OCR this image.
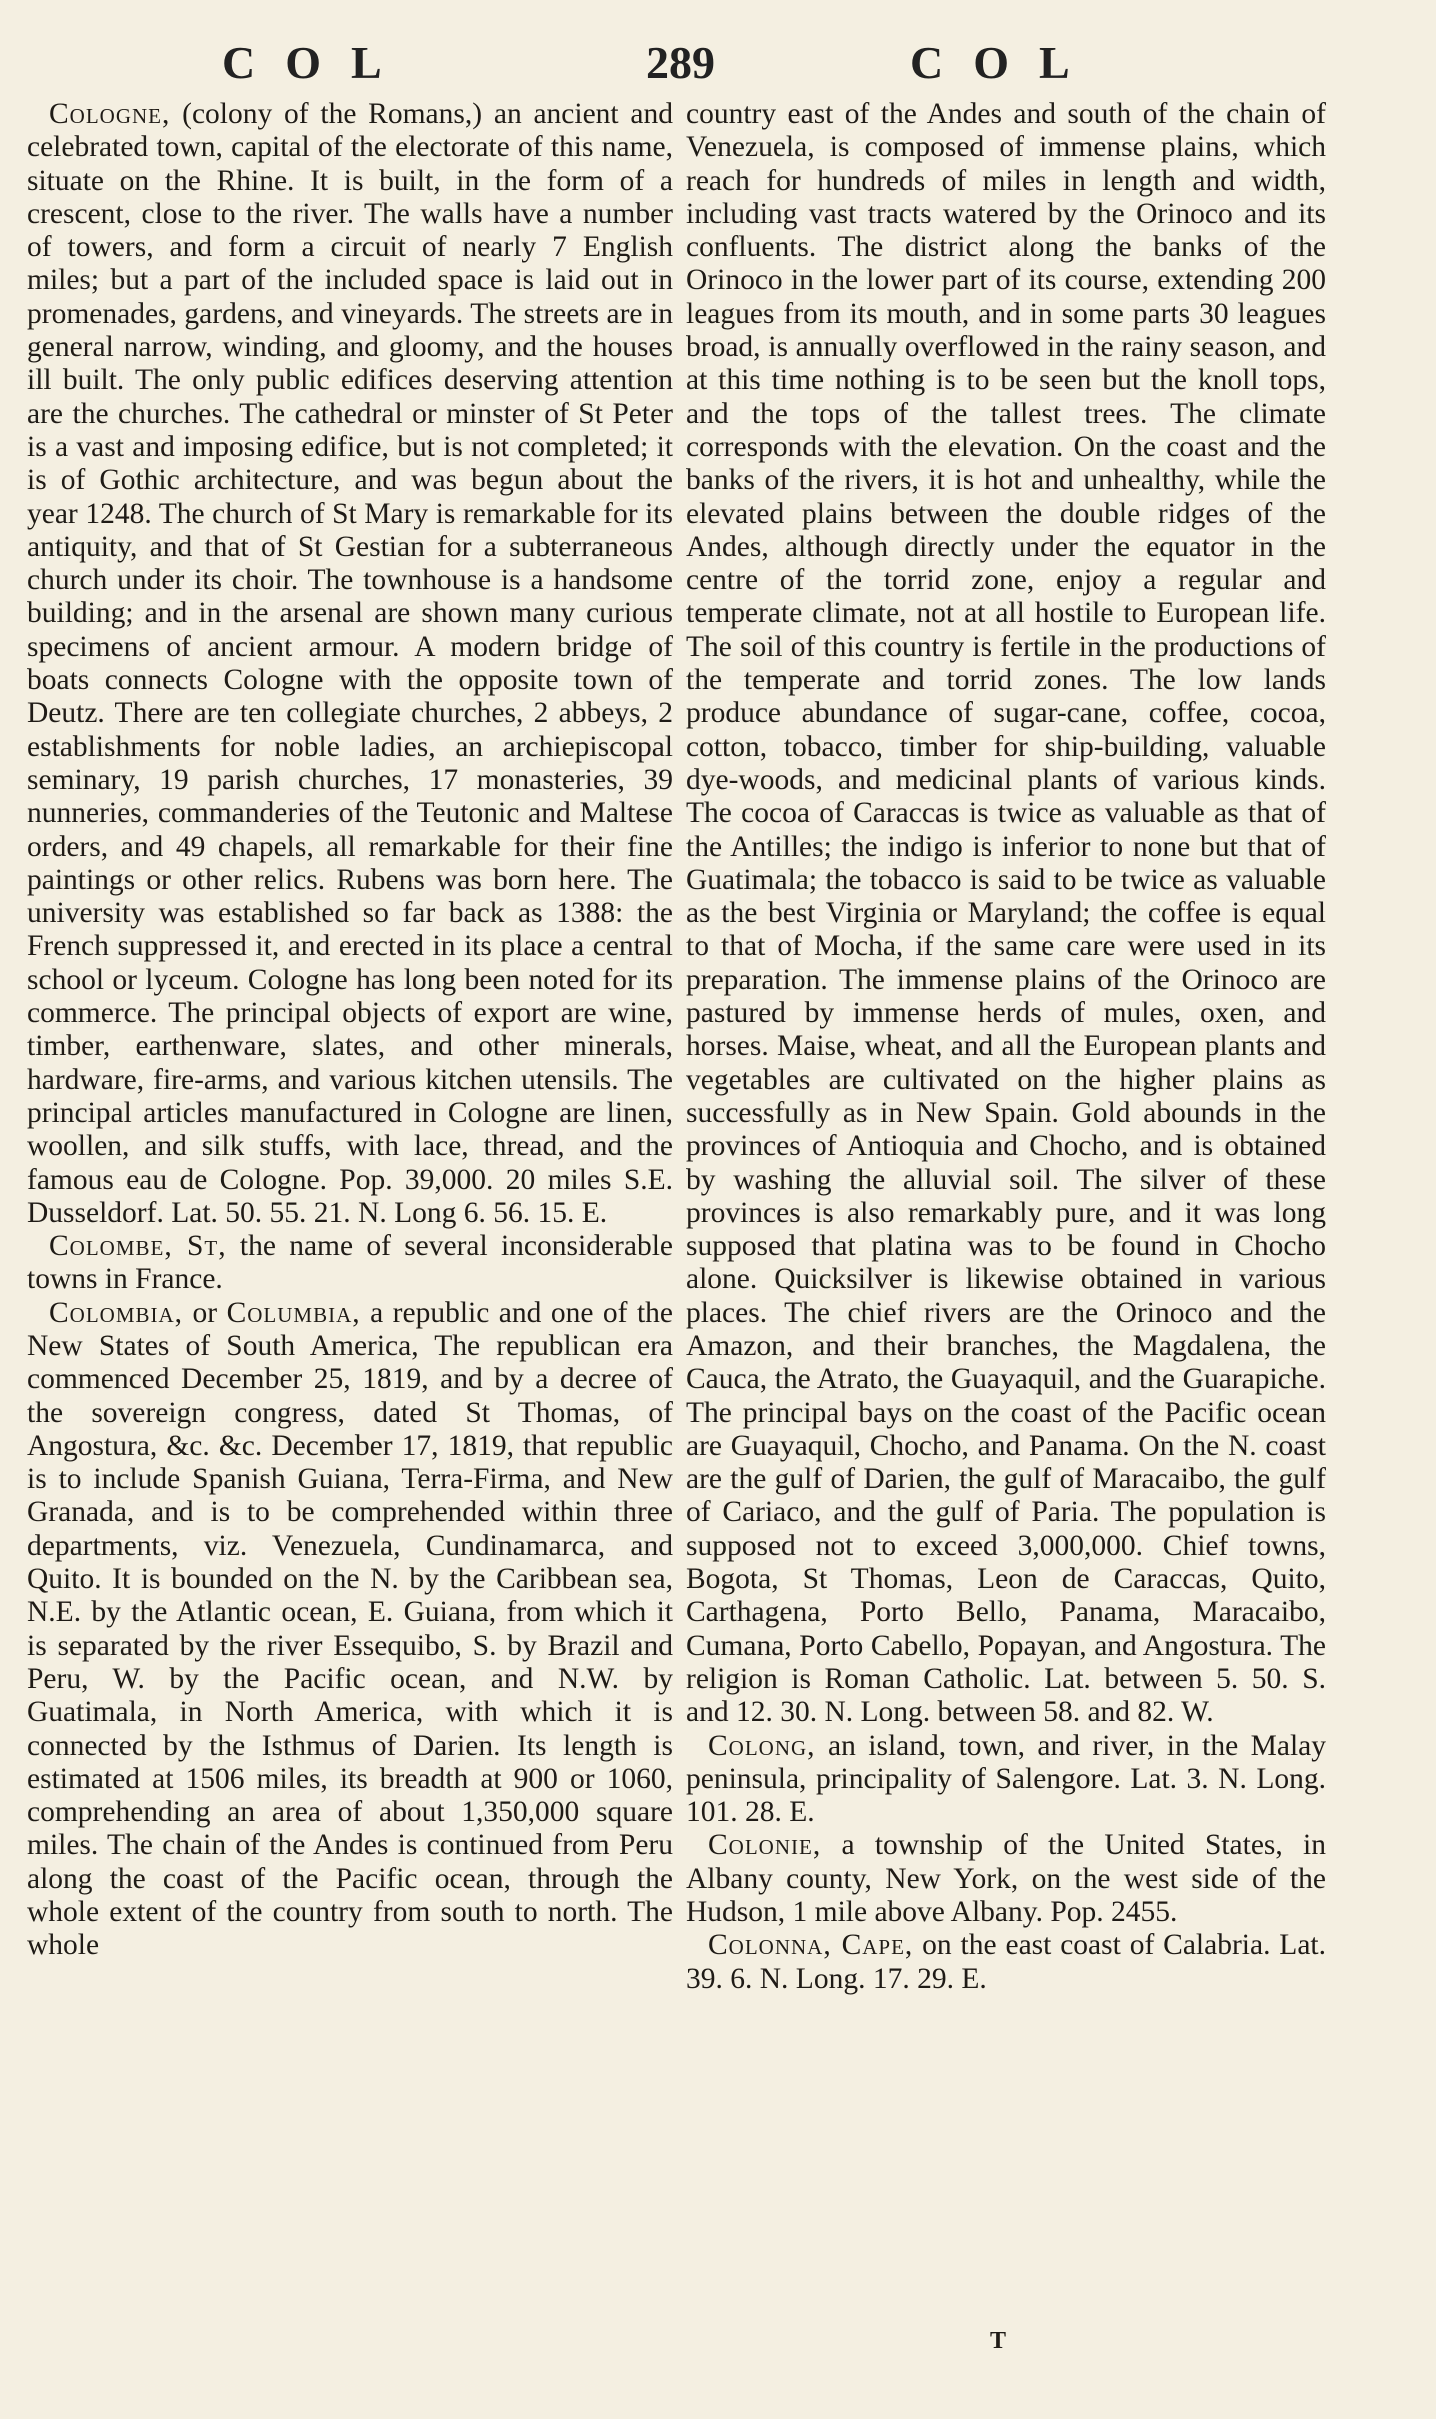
COL	289	COL

Cologne, (colony of the Romans,) an ancient and celebrated town, capital of the electorate of this name, situate on the Rhine. It is built, in the form of a crescent, close to the river. The walls have a number of towers, and form a circuit of nearly 7 English miles; but a part of the included space is laid out in promenades, gardens, and vineyards. The streets are in general narrow, winding, and gloomy, and the houses ill built. The only public edifices deserving attention are the churches. The cathedral or minster of St Peter is a vast and imposing edifice, but is not completed; it is of Gothic architecture, and was begun about the year 1248. The church of St Mary is remarkable for its antiquity, and that of St Gestian for a subterraneous church under its choir. The townhouse is a handsome building; and in the arsenal are shown many curious specimens of ancient armour. A modern bridge of boats connects Cologne with the opposite town of Deutz. There are ten collegiate churches, 2 abbeys, 2 establishments for noble ladies, an archiepiscopal seminary, 19 parish churches, 17 monasteries, 39 nunneries, commanderies of the Teutonic and Maltese orders, and 49 chapels, all remarkable for their fine paintings or other relics. Rubens was born here. The university was established so far back as 1388: the French suppressed it, and erected in its place a central school or lyceum. Cologne has long been noted for its commerce. The principal objects of export are wine, timber, earthenware, slates, and other minerals, hardware, fire-arms, and various kitchen utensils. The principal articles manufactured in Cologne are linen, woollen, and silk stuffs, with lace, thread, and the famous eau de Cologne. Pop. 39,000. 20 miles S.E. Dusseldorf. Lat. 50. 55. 21. N. Long 6. 56. 15. E.

Colombe, St, the name of several inconsiderable towns in France.

Colombia, or Columbia, a republic and one of the New States of South America, The republican era commenced December 25, 1819, and by a decree of the sovereign congress, dated St Thomas, of Angostura, &c. &c. December 17, 1819, that republic is to include Spanish Guiana, Terra-Firma, and New Granada, and is to be comprehended within three departments, viz. Venezuela, Cundinamarca, and Quito. It is bounded on the N. by the Caribbean sea, N.E. by the Atlantic ocean, E. Guiana, from which it is separated by the river Essequibo, S. by Brazil and Peru, W. by the Pacific ocean, and N.W. by Guatimala, in North America, with which it is connected by the Isthmus of Darien. Its length is estimated at 1506 miles, its breadth at 900 or 1060, comprehending an area of about 1,350,000 square miles. The chain of the Andes is continued from Peru along the coast of the Pacific ocean, through the whole extent of the country from south to north. The whole

country east of the Andes and south of the chain of Venezuela, is composed of immense plains, which reach for hundreds of miles in length and width, including vast tracts watered by the Orinoco and its confluents. The district along the banks of the Orinoco in the lower part of its course, extending 200 leagues from its mouth, and in some parts 30 leagues broad, is annually overflowed in the rainy season, and at this time nothing is to be seen but the knoll tops, and the tops of the tallest trees. The climate corresponds with the elevation. On the coast and the banks of the rivers, it is hot and unhealthy, while the elevated plains between the double ridges of the Andes, although directly under the equator in the centre of the torrid zone, enjoy a regular and temperate climate, not at all hostile to European life. The soil of this country is fertile in the productions of the temperate and torrid zones. The low lands produce abundance of sugar-cane, coffee, cocoa, cotton, tobacco, timber for ship-building, valuable dye-woods, and medicinal plants of various kinds. The cocoa of Caraccas is twice as valuable as that of the Antilles; the indigo is inferior to none but that of Guatimala; the tobacco is said to be twice as valuable as the best Virginia or Maryland; the coffee is equal to that of Mocha, if the same care were used in its preparation. The immense plains of the Orinoco are pastured by immense herds of mules, oxen, and horses. Maise, wheat, and all the European plants and vegetables are cultivated on the higher plains as successfully as in New Spain. Gold abounds in the provinces of Antioquia and Chocho, and is obtained by washing the alluvial soil. The silver of these provinces is also remarkably pure, and it was long supposed that platina was to be found in Chocho alone. Quicksilver is likewise obtained in various places. The chief rivers are the Orinoco and the Amazon, and their branches, the Magdalena, the Cauca, the Atrato, the Guayaquil, and the Guarapiche. The principal bays on the coast of the Pacific ocean are Guayaquil, Chocho, and Panama. On the N. coast are the gulf of Darien, the gulf of Maracaibo, the gulf of Cariaco, and the gulf of Paria. The population is supposed not to exceed 3,000,000. Chief towns, Bogota, St Thomas, Leon de Caraccas, Quito, Carthagena, Porto Bello, Panama, Maracaibo, Cumana, Porto Cabello, Popayan, and Angostura. The religion is Roman Catholic. Lat. between 5. 50. S. and 12. 30. N. Long. between 58. and 82. W.

Colong, an island, town, and river, in the Malay peninsula, principality of Salengore. Lat. 3. N. Long. 101. 28. E.

Colonie, a township of the United States, in Albany county, New York, on the west side of the Hudson, 1 mile above Albany. Pop. 2455.

Colonna, Cape, on the east coast of Calabria. Lat. 39. 6. N. Long. 17. 29. E.

T
